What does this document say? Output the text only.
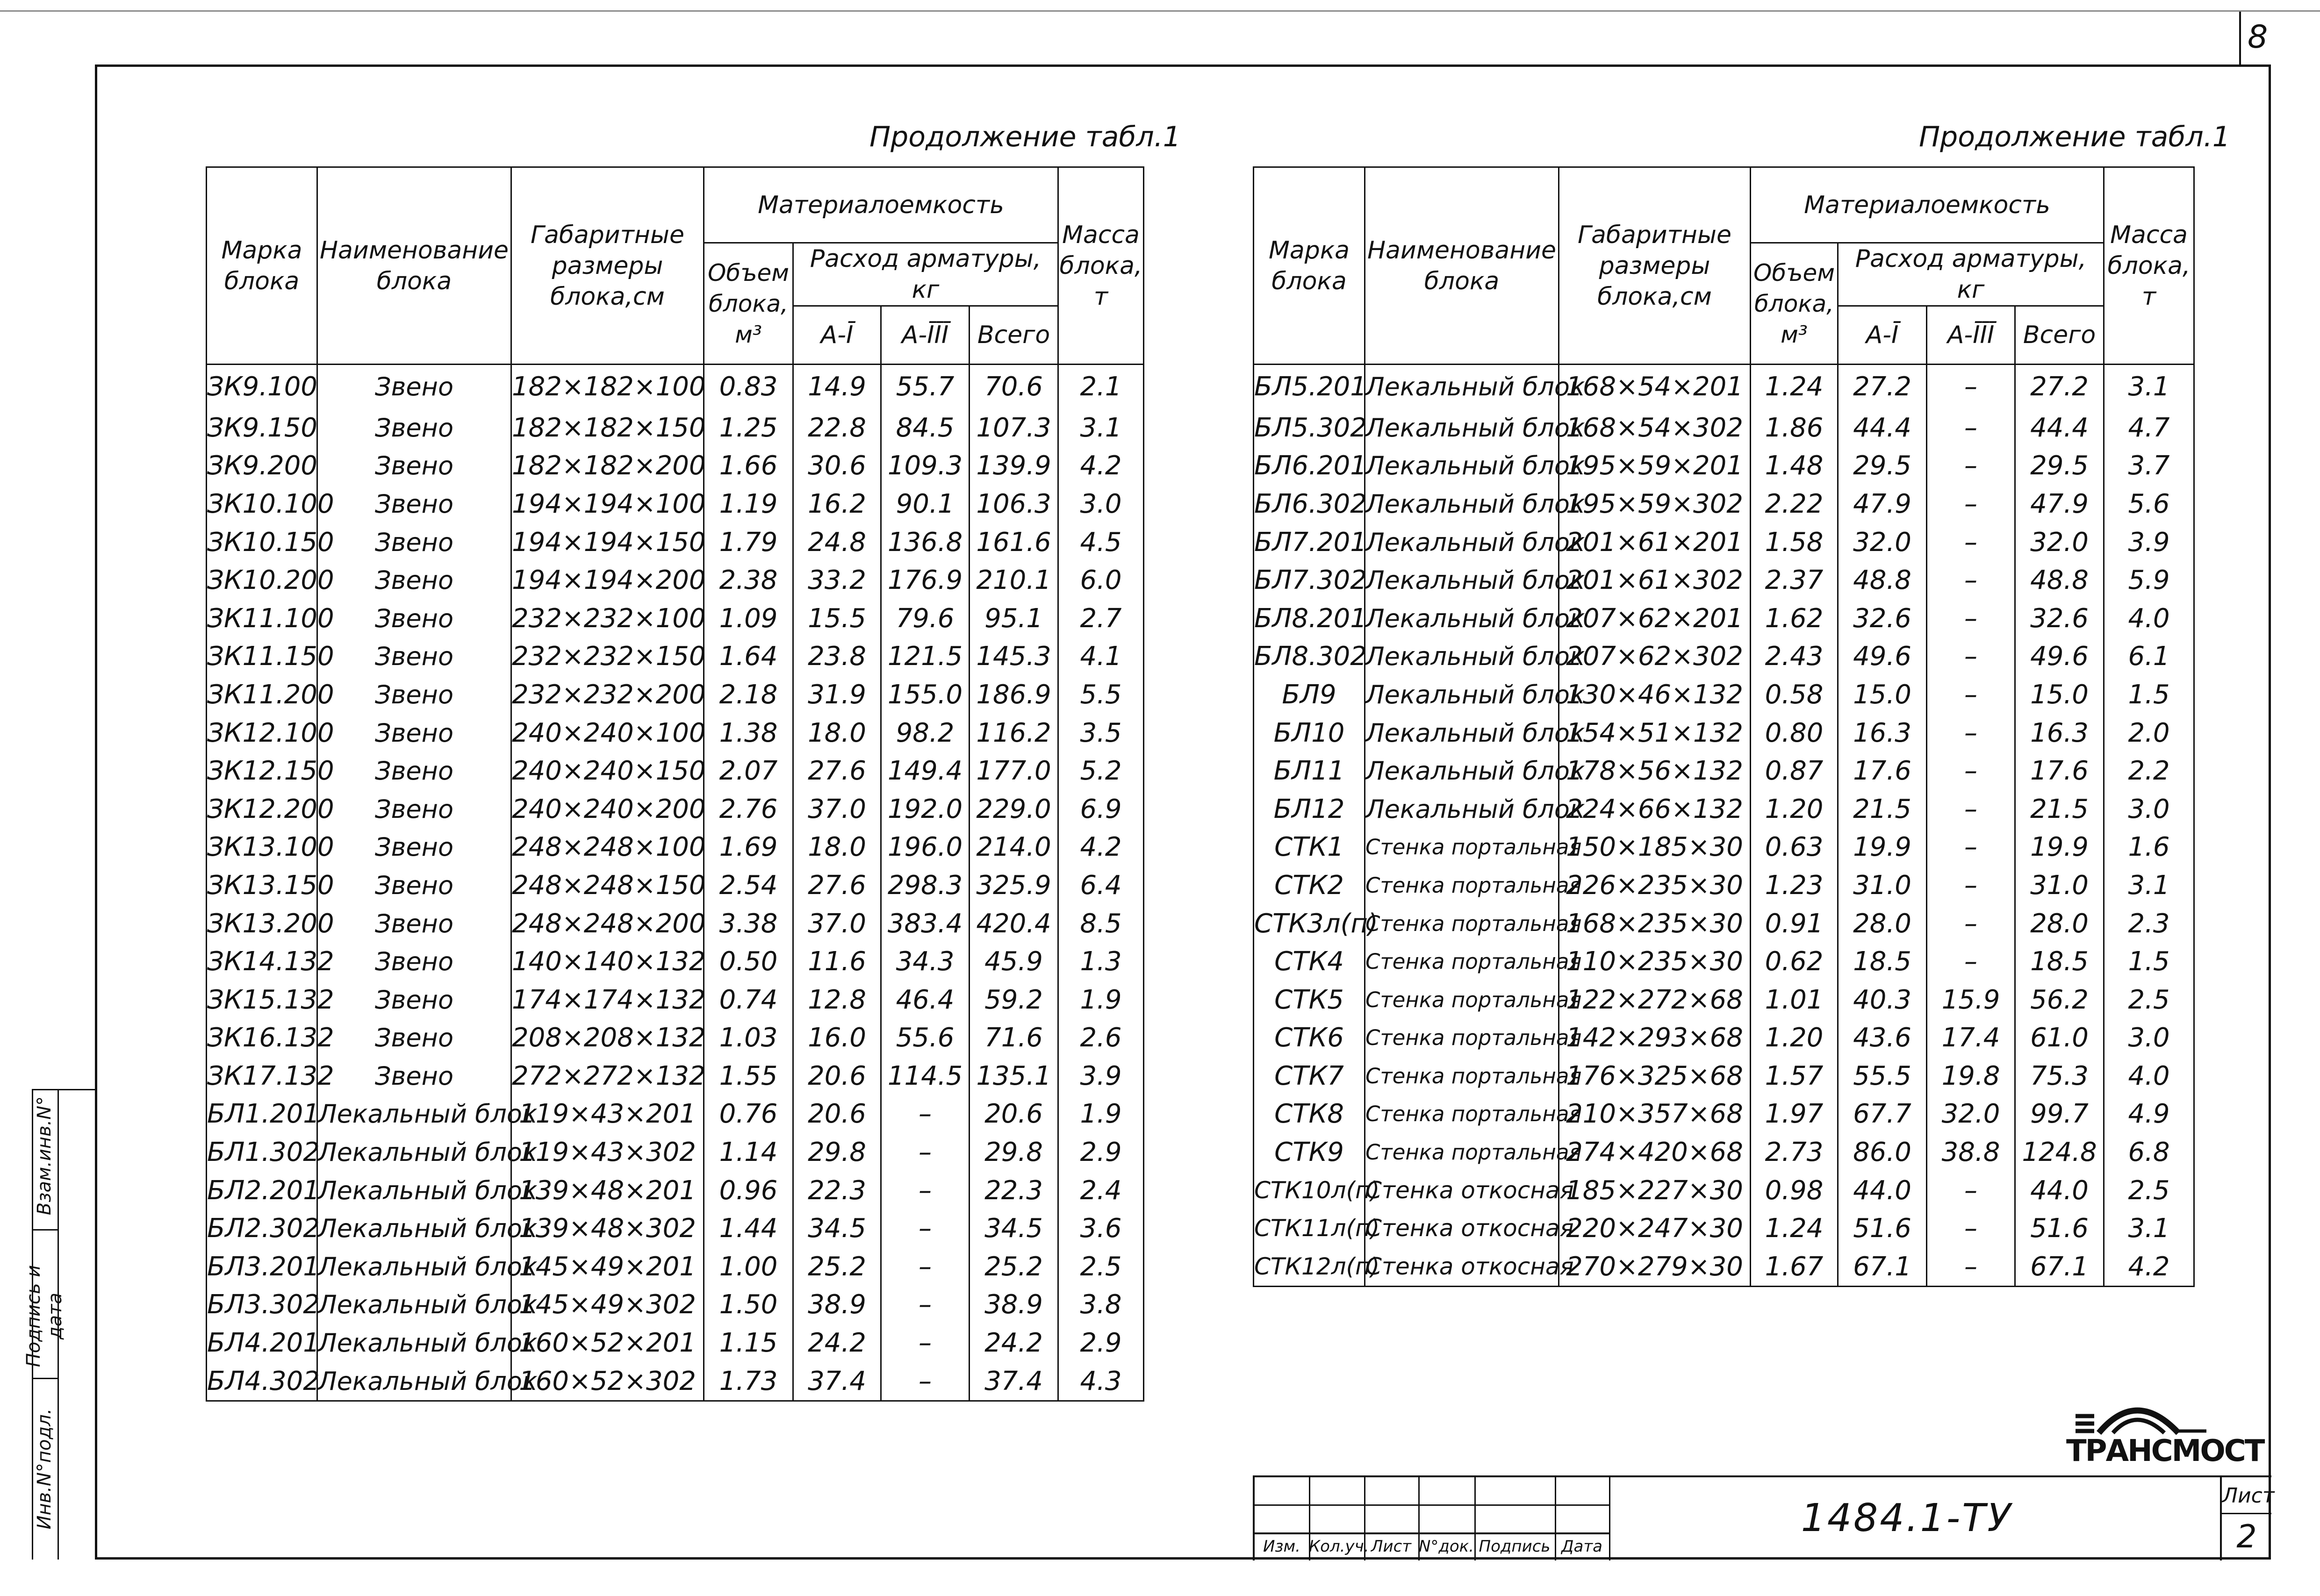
8
Взам.инв.N°
Подпись и дата
Инв.N°подл.
Продолжение табл.1
Марка блока	Наименование блока	Габаритные размеры блока,см	Материалоемкость				Масса блока, т
			Объем блока, м³	Расход арматуры, кг			
				А-Ī	А-ĪĪĪ	Всего	
ЗК9.100	Звено	182×182×100	0.83	14.9	55.7	70.6	2.1
ЗК9.150	Звено	182×182×150	1.25	22.8	84.5	107.3	3.1
ЗК9.200	Звено	182×182×200	1.66	30.6	109.3	139.9	4.2
ЗК10.100	Звено	194×194×100	1.19	16.2	90.1	106.3	3.0
ЗК10.150	Звено	194×194×150	1.79	24.8	136.8	161.6	4.5
ЗК10.200	Звено	194×194×200	2.38	33.2	176.9	210.1	6.0
ЗК11.100	Звено	232×232×100	1.09	15.5	79.6	95.1	2.7
ЗК11.150	Звено	232×232×150	1.64	23.8	121.5	145.3	4.1
ЗК11.200	Звено	232×232×200	2.18	31.9	155.0	186.9	5.5
ЗК12.100	Звено	240×240×100	1.38	18.0	98.2	116.2	3.5
ЗК12.150	Звено	240×240×150	2.07	27.6	149.4	177.0	5.2
ЗК12.200	Звено	240×240×200	2.76	37.0	192.0	229.0	6.9
ЗК13.100	Звено	248×248×100	1.69	18.0	196.0	214.0	4.2
ЗК13.150	Звено	248×248×150	2.54	27.6	298.3	325.9	6.4
ЗК13.200	Звено	248×248×200	3.38	37.0	383.4	420.4	8.5
ЗК14.132	Звено	140×140×132	0.50	11.6	34.3	45.9	1.3
ЗК15.132	Звено	174×174×132	0.74	12.8	46.4	59.2	1.9
ЗК16.132	Звено	208×208×132	1.03	16.0	55.6	71.6	2.6
ЗК17.132	Звено	272×272×132	1.55	20.6	114.5	135.1	3.9
БЛ1.201	Лекальный блок	119×43×201	0.76	20.6	–	20.6	1.9
БЛ1.302	Лекальный блок	119×43×302	1.14	29.8	–	29.8	2.9
БЛ2.201	Лекальный блок	139×48×201	0.96	22.3	–	22.3	2.4
БЛ2.302	Лекальный блок	139×48×302	1.44	34.5	–	34.5	3.6
БЛ3.201	Лекальный блок	145×49×201	1.00	25.2	–	25.2	2.5
БЛ3.302	Лекальный блок	145×49×302	1.50	38.9	–	38.9	3.8
БЛ4.201	Лекальный блок	160×52×201	1.15	24.2	–	24.2	2.9
БЛ4.302	Лекальный блок	160×52×302	1.73	37.4	–	37.4	4.3
Продолжение табл.1
Марка блока	Наименование блока	Габаритные размеры блока,см	Материалоемкость				Масса блока, т
			Объем блока, м³	Расход арматуры, кг			
				А-Ī	А-ĪĪĪ	Всего	
БЛ5.201	Лекальный блок	168×54×201	1.24	27.2	–	27.2	3.1
БЛ5.302	Лекальный блок	168×54×302	1.86	44.4	–	44.4	4.7
БЛ6.201	Лекальный блок	195×59×201	1.48	29.5	–	29.5	3.7
БЛ6.302	Лекальный блок	195×59×302	2.22	47.9	–	47.9	5.6
БЛ7.201	Лекальный блок	201×61×201	1.58	32.0	–	32.0	3.9
БЛ7.302	Лекальный блок	201×61×302	2.37	48.8	–	48.8	5.9
БЛ8.201	Лекальный блок	207×62×201	1.62	32.6	–	32.6	4.0
БЛ8.302	Лекальный блок	207×62×302	2.43	49.6	–	49.6	6.1
БЛ9	Лекальный блок	130×46×132	0.58	15.0	–	15.0	1.5
БЛ10	Лекальный блок	154×51×132	0.80	16.3	–	16.3	2.0
БЛ11	Лекальный блок	178×56×132	0.87	17.6	–	17.6	2.2
БЛ12	Лекальный блок	224×66×132	1.20	21.5	–	21.5	3.0
СТК1	Стенка портальная	150×185×30	0.63	19.9	–	19.9	1.6
СТК2	Стенка портальная	226×235×30	1.23	31.0	–	31.0	3.1
СТК3л(п)	Стенка портальная	168×235×30	0.91	28.0	–	28.0	2.3
СТК4	Стенка портальная	110×235×30	0.62	18.5	–	18.5	1.5
СТК5	Стенка портальная	122×272×68	1.01	40.3	15.9	56.2	2.5
СТК6	Стенка портальная	142×293×68	1.20	43.6	17.4	61.0	3.0
СТК7	Стенка портальная	176×325×68	1.57	55.5	19.8	75.3	4.0
СТК8	Стенка портальная	210×357×68	1.97	67.7	32.0	99.7	4.9
СТК9	Стенка портальная	274×420×68	2.73	86.0	38.8	124.8	6.8
СТК10л(п)	Стенка откосная	185×227×30	0.98	44.0	–	44.0	2.5
СТК11л(п)	Стенка откосная	220×247×30	1.24	51.6	–	51.6	3.1
СТК12л(п)	Стенка откосная	270×279×30	1.67	67.1	–	67.1	4.2
ТРАНСМОСТ
Изм. Кол.уч. Лист N°док. Подпись Дата
1484.1-ТУ
Лист
2
